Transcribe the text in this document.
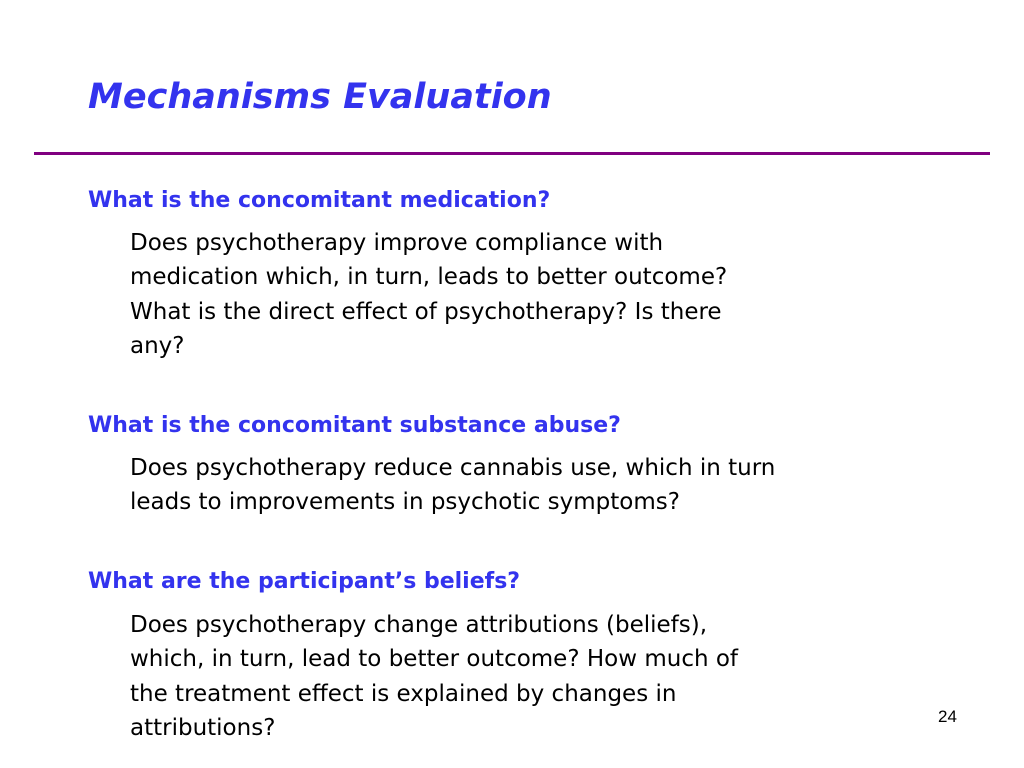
Mechanisms Evaluation
What is the concomitant medication?

Does psychotherapy improve compliance with
medication which, in turn, leads to better outcome?
What is the direct effect of psychotherapy? Is there
any?

What is the concomitant substance abuse?

Does psychotherapy reduce cannabis use, which in turn
leads to improvements in psychotic symptoms?

What are the participant’s beliefs?

Does psychotherapy change attributions (beliefs),
which, in turn, lead to better outcome? How much of
the treatment effect is explained by changes in
attributions?	24
